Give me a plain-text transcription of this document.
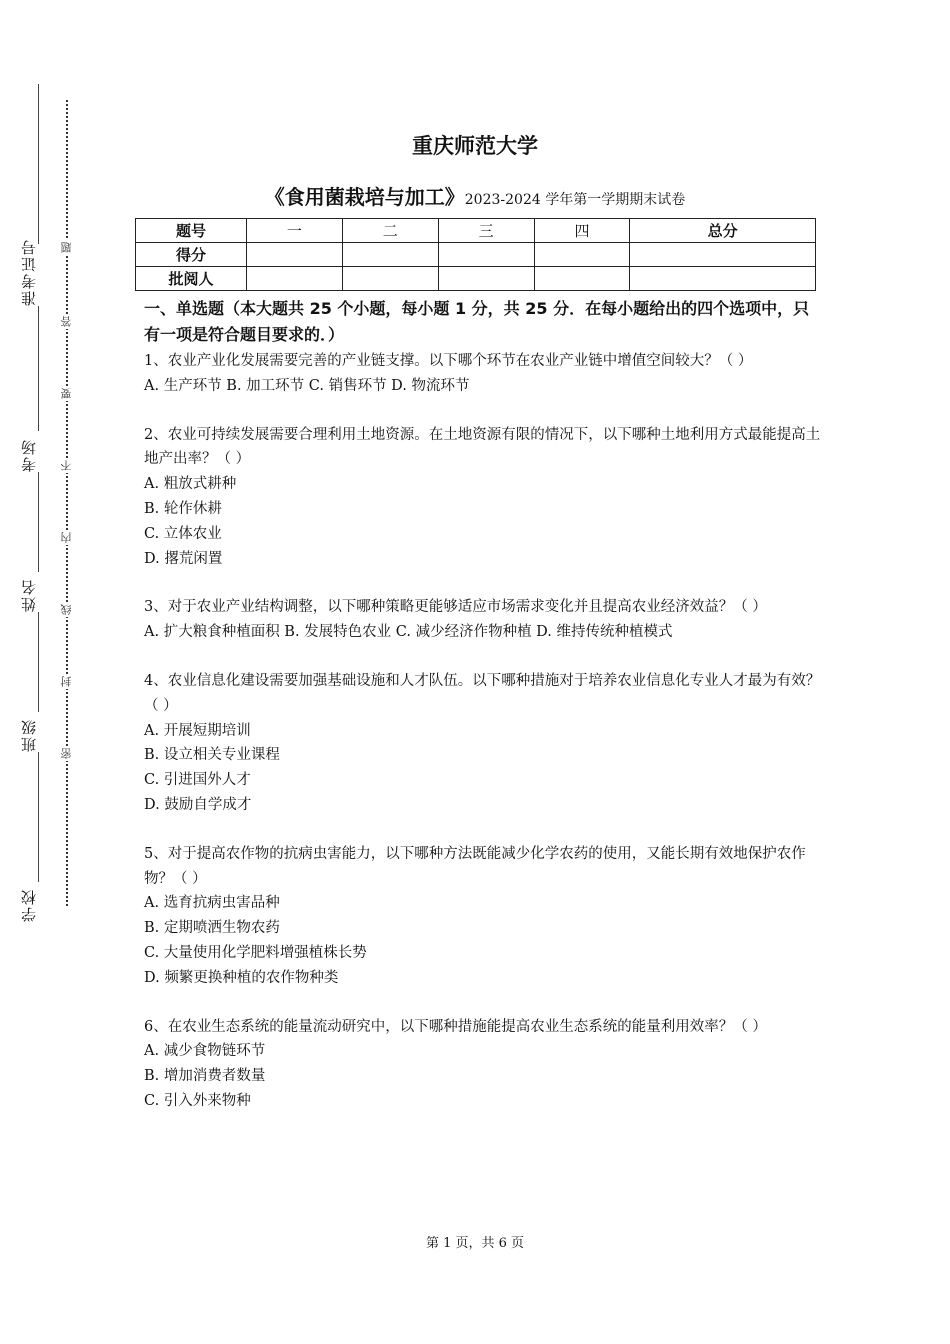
准考证号
考场
姓名
班级
学校
题
答
要
不
内
线
封
密
重庆师范大学
《食用菌栽培与加工》2023-2024 学年第一学期期末试卷
题号	一	二	三	四	总分
得分					
批阅人					
一、单选题（本大题共 25 个小题，每小题 1 分，共 25 分．在每小题给出的四个选项中，只有一项是符合题目要求的．）
1、农业产业化发展需要完善的产业链支撑。以下哪个环节在农业产业链中增值空间较大？（ ）
A. 生产环节 B. 加工环节 C. 销售环节 D. 物流环节
2、农业可持续发展需要合理利用土地资源。在土地资源有限的情况下，以下哪种土地利用方式最能提高土地产出率？（ ）
A. 粗放式耕种
B. 轮作休耕
C. 立体农业
D. 撂荒闲置
3、对于农业产业结构调整，以下哪种策略更能够适应市场需求变化并且提高农业经济效益？（ ）
A. 扩大粮食种植面积 B. 发展特色农业 C. 减少经济作物种植 D. 维持传统种植模式
4、农业信息化建设需要加强基础设施和人才队伍。以下哪种措施对于培养农业信息化专业人才最为有效？（ ）
A. 开展短期培训
B. 设立相关专业课程
C. 引进国外人才
D. 鼓励自学成才
5、对于提高农作物的抗病虫害能力，以下哪种方法既能减少化学农药的使用，又能长期有效地保护农作物？（ ）
A. 选育抗病虫害品种
B. 定期喷洒生物农药
C. 大量使用化学肥料增强植株长势
D. 频繁更换种植的农作物种类
6、在农业生态系统的能量流动研究中，以下哪种措施能提高农业生态系统的能量利用效率？（ ）
A. 减少食物链环节
B. 增加消费者数量
C. 引入外来物种
第 1 页，共 6 页
